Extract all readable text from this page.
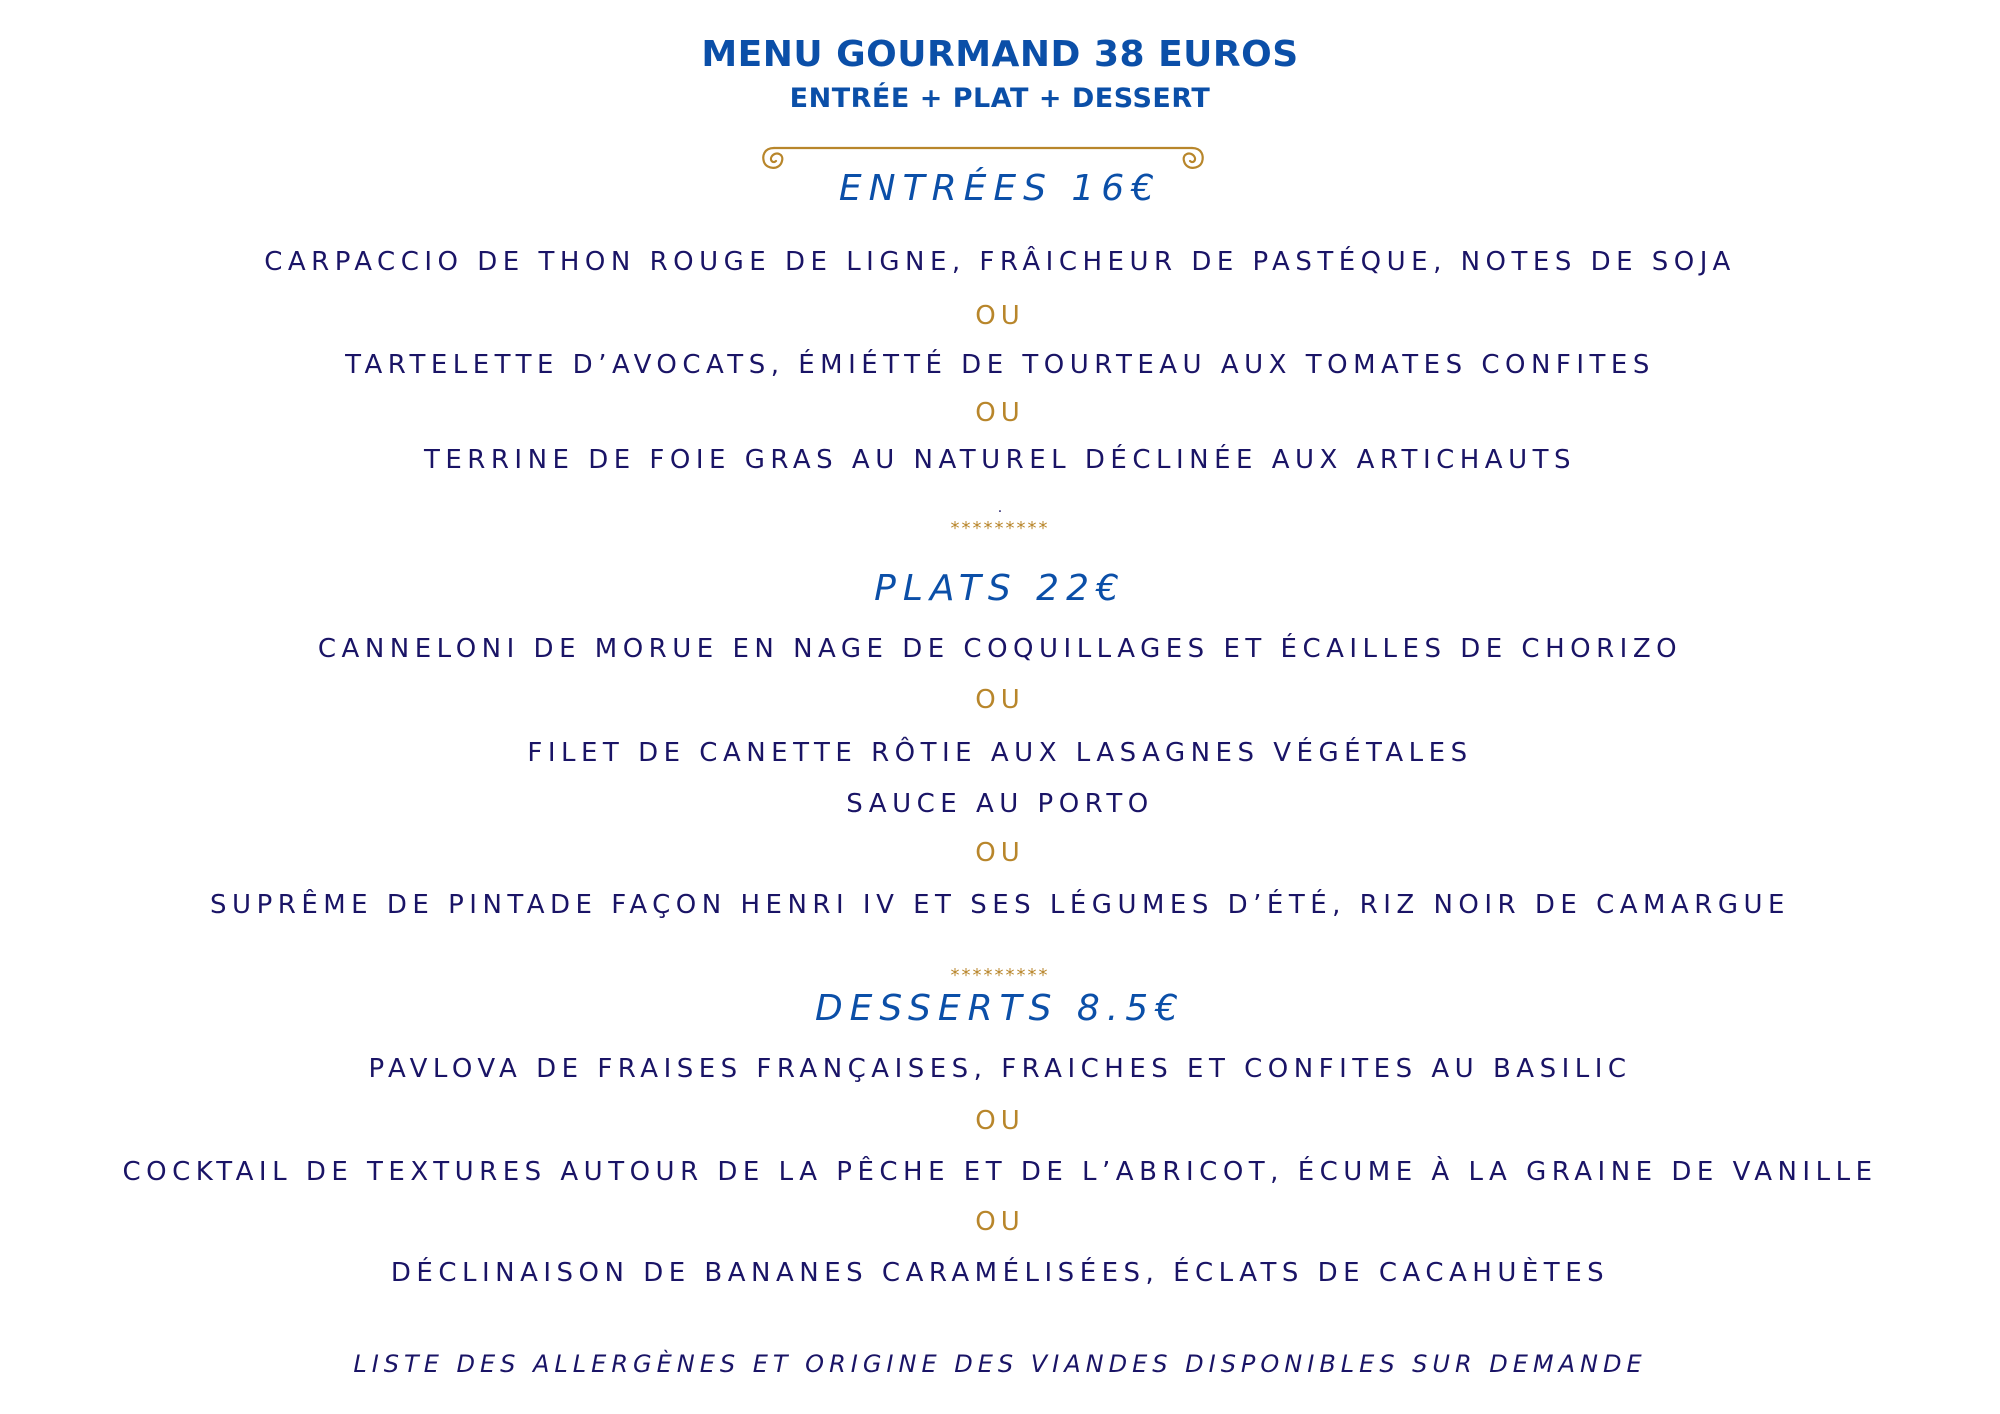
MENU GOURMAND 38 EUROS
ENTRÉE + PLAT + DESSERT
ENTRÉES 16€
CARPACCIO DE THON ROUGE DE LIGNE, FRÂICHEUR DE PASTÉQUE, NOTES DE SOJA
OU
TARTELETTE D’AVOCATS, ÉMIÉTTÉ DE TOURTEAU AUX TOMATES CONFITES
OU
TERRINE DE FOIE GRAS AU NATUREL DÉCLINÉE AUX ARTICHAUTS
.
*********
PLATS 22€
CANNELONI DE MORUE EN NAGE DE COQUILLAGES ET ÉCAILLES DE CHORIZO
OU
FILET DE CANETTE RÔTIE AUX LASAGNES VÉGÉTALES
SAUCE AU PORTO
OU
SUPRÊME DE PINTADE FAÇON HENRI IV ET SES LÉGUMES D’ÉTÉ, RIZ NOIR DE CAMARGUE
*********
DESSERTS 8.5€
PAVLOVA DE FRAISES FRANÇAISES, FRAICHES ET CONFITES AU BASILIC
OU
COCKTAIL DE TEXTURES AUTOUR DE LA PÊCHE ET DE L’ABRICOT, ÉCUME À LA GRAINE DE VANILLE
OU
DÉCLINAISON DE BANANES CARAMÉLISÉES, ÉCLATS DE CACAHUÈTES
LISTE DES ALLERGÈNES ET ORIGINE DES VIANDES DISPONIBLES SUR DEMANDE
